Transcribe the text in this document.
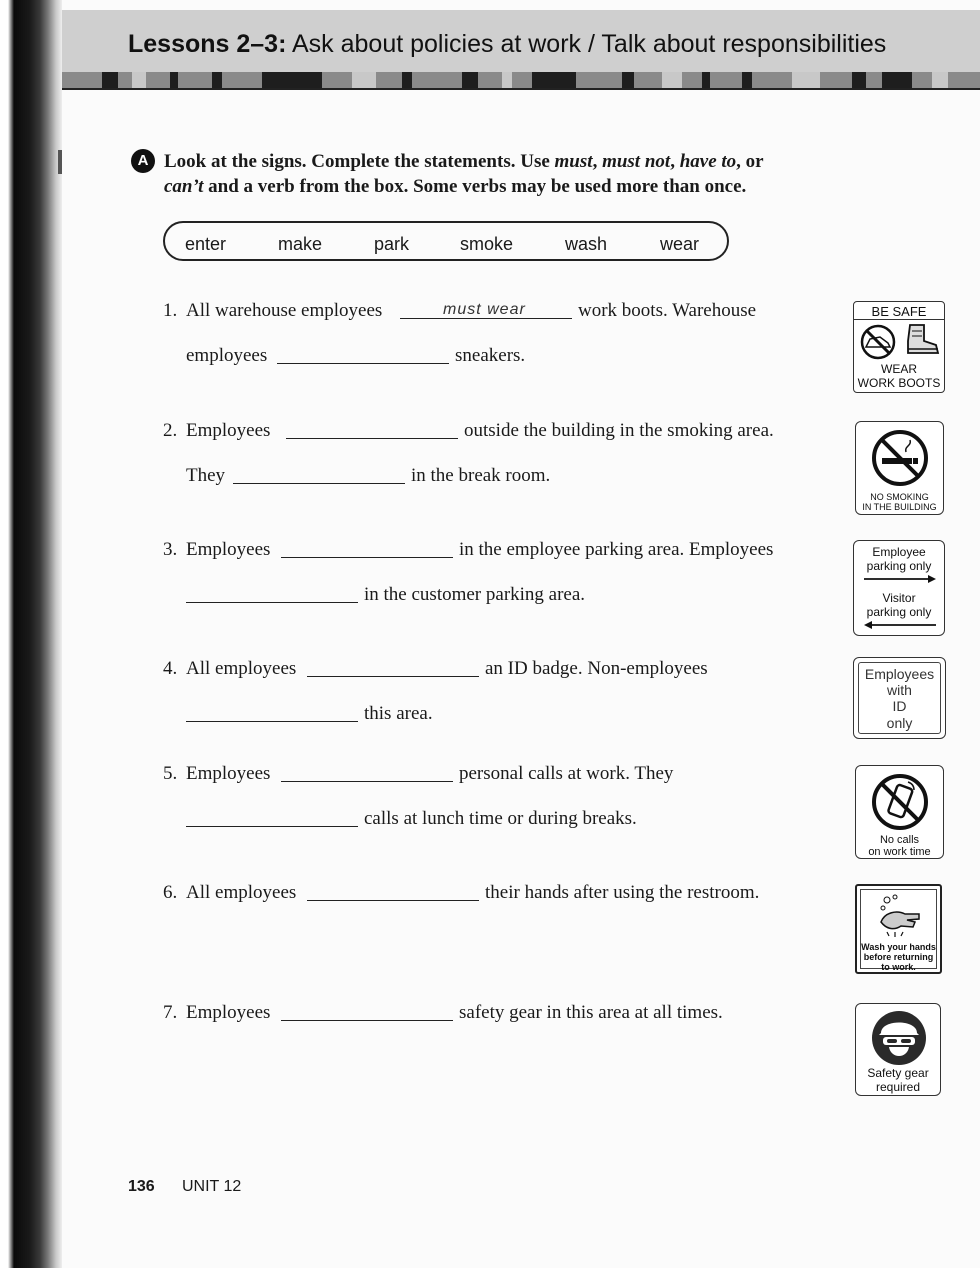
Lessons 2–3: Ask about policies at work / Talk about responsibilities
A Look at the signs. Complete the statements. Use must, must not, have to, or
can’t and a verb from the box. Some verbs may be used more than once.
enter	make	park	smoke	wash	wear
1. All warehouse employees	must wear	work boots. Warehouse
employees	sneakers.
2. Employees	outside the building in the smoking area.
They	in the break room.
3. Employees	in the employee parking area. Employees
in the customer parking area.
4. All employees	an ID badge. Non-employees
this area.
5. Employees	personal calls at work. They
calls at lunch time or during breaks.
6. All employees	their hands after using the restroom.
7. Employees	safety gear in this area at all times.
BE SAFE
WEAR
WORK BOOTS
NO SMOKING
IN THE BUILDING
Employee
parking only
Visitor
parking only
Employees
with
ID
only
No calls
on work time
Wash your hands
before returning
to work.
Safety gear
required
136 UNIT 12
